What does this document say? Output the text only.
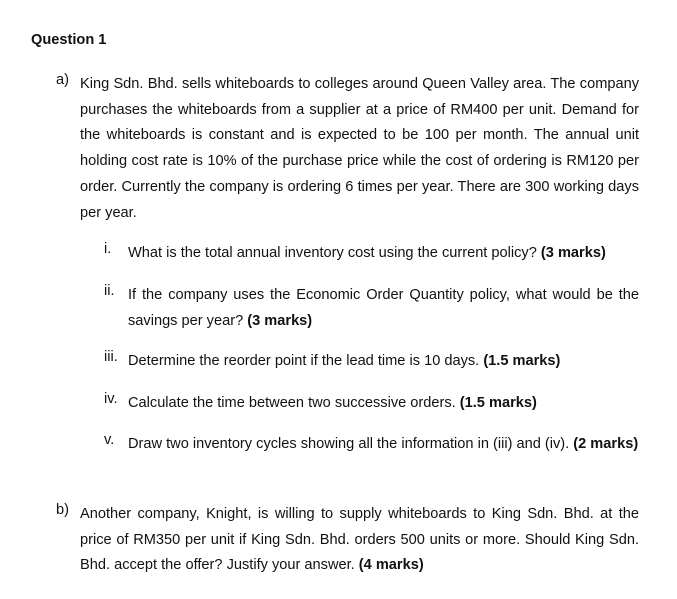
Question 1
a) King Sdn. Bhd. sells whiteboards to colleges around Queen Valley area. The company purchases the whiteboards from a supplier at a price of RM400 per unit. Demand for the whiteboards is constant and is expected to be 100 per month. The annual unit holding cost rate is 10% of the purchase price while the cost of ordering is RM120 per order. Currently the company is ordering 6 times per year. There are 300 working days per year.
i. What is the total annual inventory cost using the current policy? (3 marks)
ii. If the company uses the Economic Order Quantity policy, what would be the savings per year? (3 marks)
iii. Determine the reorder point if the lead time is 10 days. (1.5 marks)
iv. Calculate the time between two successive orders. (1.5 marks)
v. Draw two inventory cycles showing all the information in (iii) and (iv). (2 marks)
b) Another company, Knight, is willing to supply whiteboards to King Sdn. Bhd. at the price of RM350 per unit if King Sdn. Bhd. orders 500 units or more. Should King Sdn. Bhd. accept the offer? Justify your answer. (4 marks)
